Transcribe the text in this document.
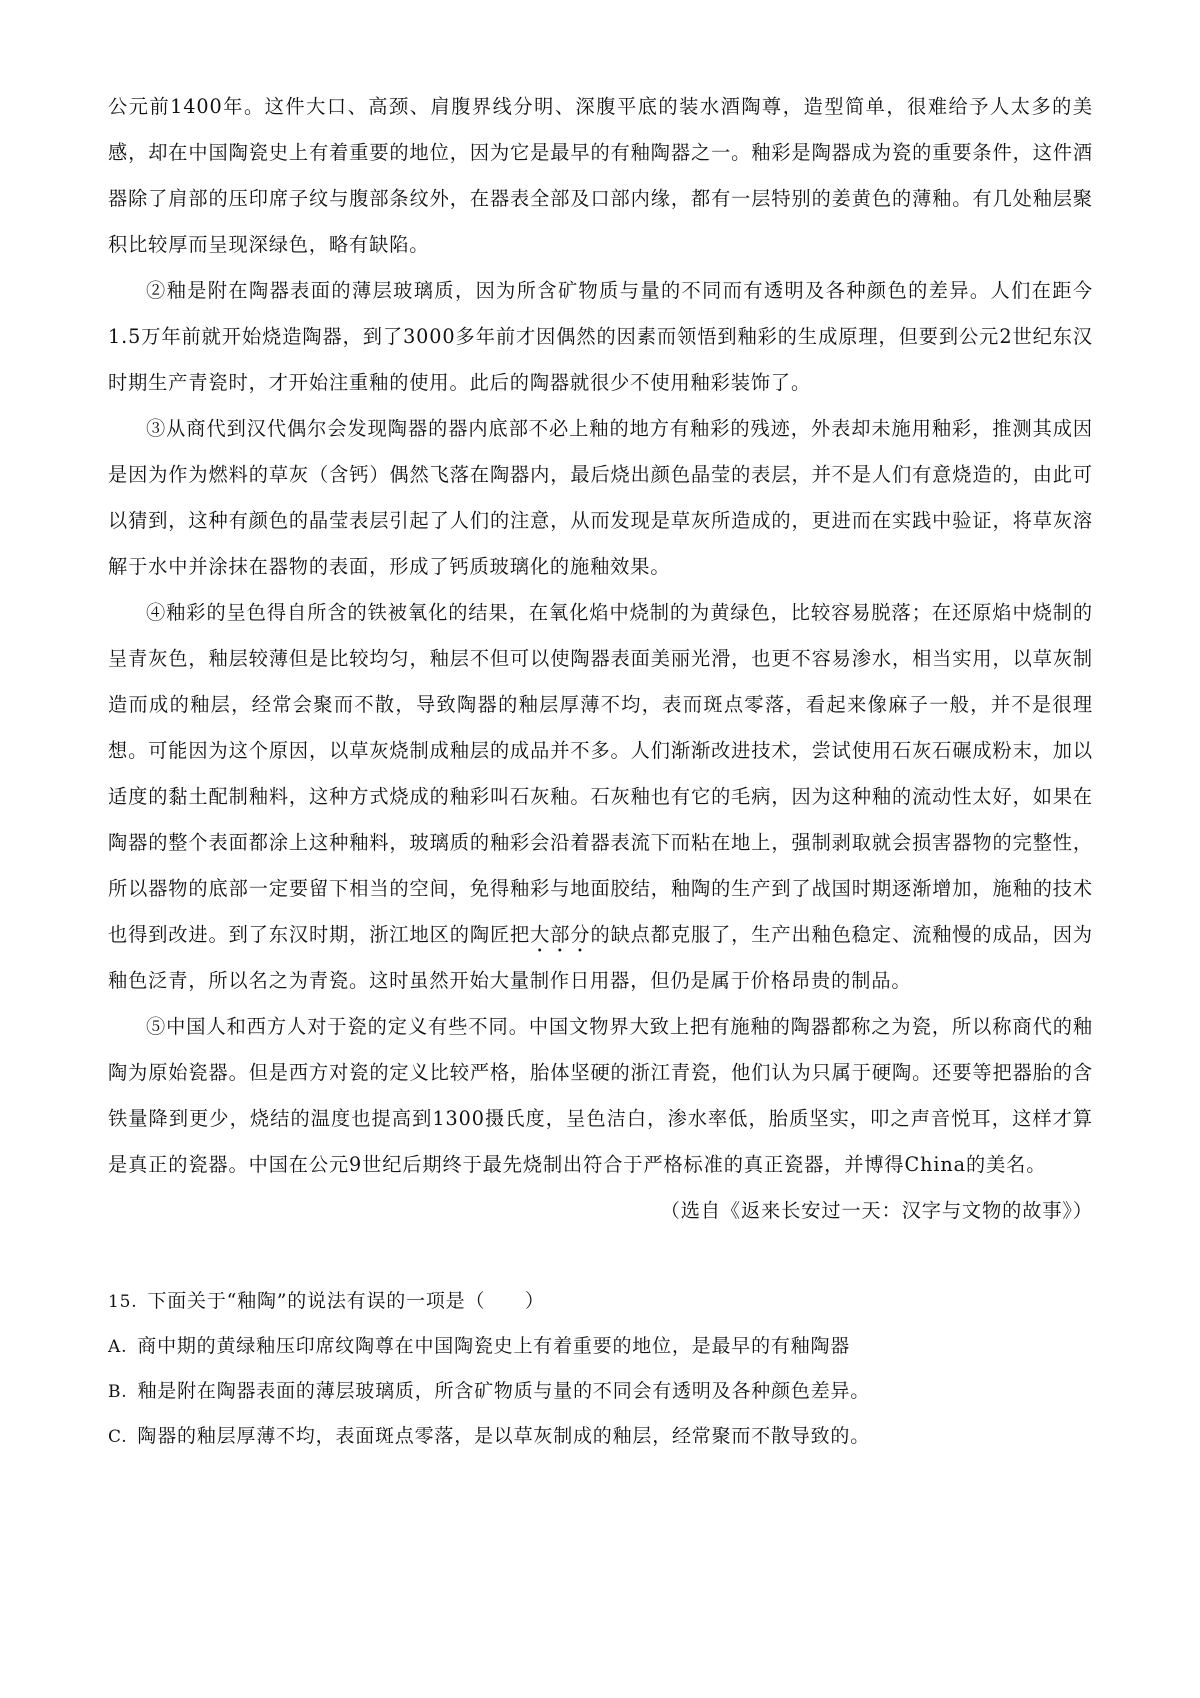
公元前1400年。这件大口、高颈、肩腹界线分明、深腹平底的装水酒陶尊，造型简单，很难给予人太多的美感，却在中国陶瓷史上有着重要的地位，因为它是最早的有釉陶器之一。釉彩是陶器成为瓷的重要条件，这件酒器除了肩部的压印席子纹与腹部条纹外，在器表全部及口部内缘，都有一层特别的姜黄色的薄釉。有几处釉层聚积比较厚而呈现深绿色，略有缺陷。

②釉是附在陶器表面的薄层玻璃质，因为所含矿物质与量的不同而有透明及各种颜色的差异。人们在距今1.5万年前就开始烧造陶器，到了3000多年前才因偶然的因素而领悟到釉彩的生成原理，但要到公元2世纪东汉时期生产青瓷时，才开始注重釉的使用。此后的陶器就很少不使用釉彩装饰了。

③从商代到汉代偶尔会发现陶器的器内底部不必上釉的地方有釉彩的残迹，外表却未施用釉彩，推测其成因是因为作为燃料的草灰（含钙）偶然飞落在陶器内，最后烧出颜色晶莹的表层，并不是人们有意烧造的，由此可以猜到，这种有颜色的晶莹表层引起了人们的注意，从而发现是草灰所造成的，更进而在实践中验证，将草灰溶解于水中并涂抹在器物的表面，形成了钙质玻璃化的施釉效果。

④釉彩的呈色得自所含的铁被氧化的结果，在氧化焰中烧制的为黄绿色，比较容易脱落；在还原焰中烧制的呈青灰色，釉层较薄但是比较均匀，釉层不但可以使陶器表面美丽光滑，也更不容易渗水，相当实用，以草灰制造而成的釉层，经常会聚而不散，导致陶器的釉层厚薄不均，表而斑点零落，看起来像麻子一般，并不是很理想。可能因为这个原因，以草灰烧制成釉层的成品并不多。人们渐渐改进技术，尝试使用石灰石碾成粉末，加以适度的黏土配制釉料，这种方式烧成的釉彩叫石灰釉。石灰釉也有它的毛病，因为这种釉的流动性太好，如果在陶器的整个表面都涂上这种釉料，玻璃质的釉彩会沿着器表流下而粘在地上，强制剥取就会损害器物的完整性，所以器物的底部一定要留下相当的空间，免得釉彩与地面胶结，釉陶的生产到了战国时期逐渐增加，施釉的技术也得到改进。到了东汉时期，浙江地区的陶匠把大部分的缺点都克服了，生产出釉色稳定、流釉慢的成品，因为釉色泛青，所以名之为青瓷。这时虽然开始大量制作日用器，但仍是属于价格昂贵的制品。

⑤中国人和西方人对于瓷的定义有些不同。中国文物界大致上把有施釉的陶器都称之为瓷，所以称商代的釉陶为原始瓷器。但是西方对瓷的定义比较严格，胎体坚硬的浙江青瓷，他们认为只属于硬陶。还要等把器胎的含铁量降到更少，烧结的温度也提高到1300摄氏度，呈色洁白，渗水率低，胎质坚实，叩之声音悦耳，这样才算是真正的瓷器。中国在公元9世纪后期终于最先烧制出符合于严格标准的真正瓷器，并博得China的美名。

（选自《返来长安过一天：汉字与文物的故事》）

15. 下面关于“釉陶”的说法有误的一项是（　　）

A. 商中期的黄绿釉压印席纹陶尊在中国陶瓷史上有着重要的地位，是最早的有釉陶器

B. 釉是附在陶器表面的薄层玻璃质，所含矿物质与量的不同会有透明及各种颜色差异。

C. 陶器的釉层厚薄不均，表面斑点零落，是以草灰制成的釉层，经常聚而不散导致的。
